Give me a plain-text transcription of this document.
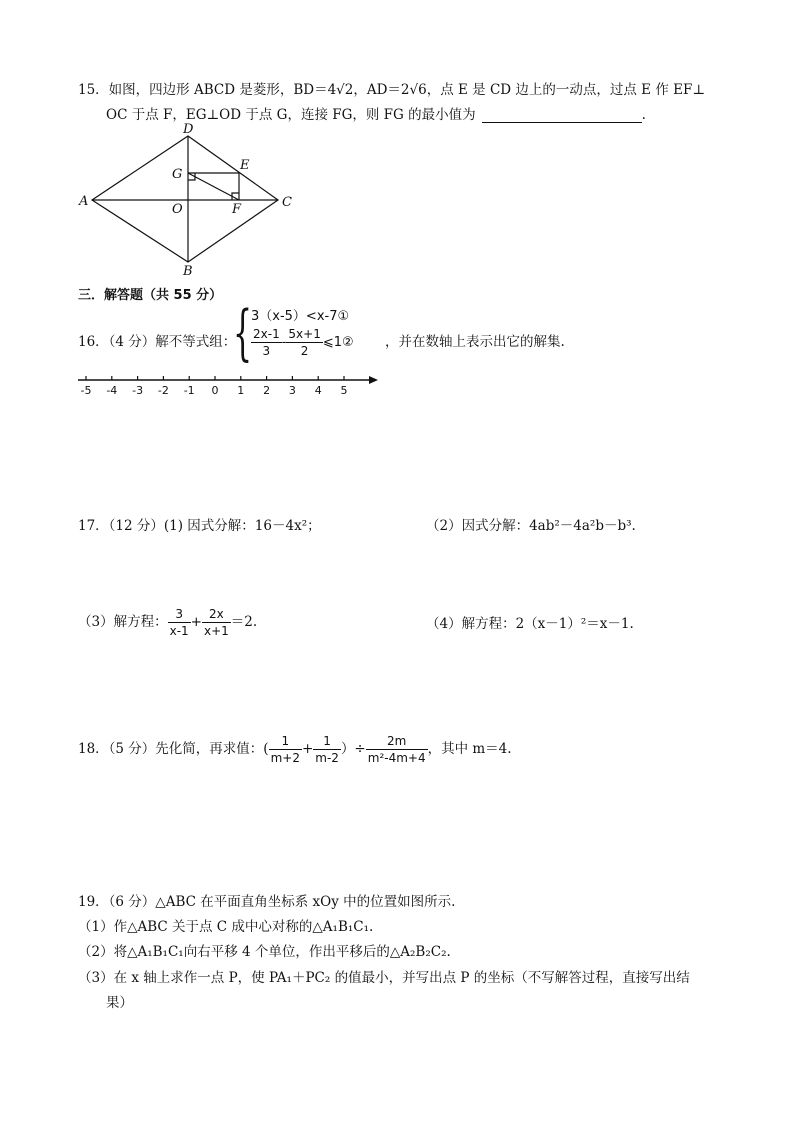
15．如图，四边形 ABCD 是菱形，BD＝4√2，AD＝2√6，点 E 是 CD 边上的一动点，过点 E 作 EF⊥
OC 于点 F，EG⊥OD 于点 G，连接 FG，则 FG 的最小值为	.
A
D
C
B
G
E
O	F
三．解答题（共 55 分）
16．（4 分）解不等式组：
{
3（x-5）<x-7①
$\frac{2x-1}{3} - \frac{5x+1}{2}$ ⩽1② ，并在数轴上表示出它的解集.
-5 -4 -3 -2 -1 0 1 2 3 4 5
17．（12 分）(1) 因式分解：16－4x²；	（2）因式分解：4ab²－4a²b－b³.
（3）解方程： $\frac{3}{x-1} + \frac{2x}{x+1} =2$.	（4）解方程：2（x－1）²＝x－1.
18．（5 分）先化简，再求值：( $\frac{1}{m+2} + \frac{1}{m-2}$ ）÷ $\frac{2m}{\text{m²-4m+4}}$ ，其中 m＝4.
19．（6 分）△ABC 在平面直角坐标系 xOy 中的位置如图所示.
（1）作△ABC 关于点 C 成中心对称的△A₁B₁C₁.
（2）将△A₁B₁C₁向右平移 4 个单位，作出平移后的△A₂B₂C₂.
（3）在 x 轴上求作一点 P，使 PA₁＋PC₂ 的值最小，并写出点 P 的坐标（不写解答过程，直接写出结
果）
